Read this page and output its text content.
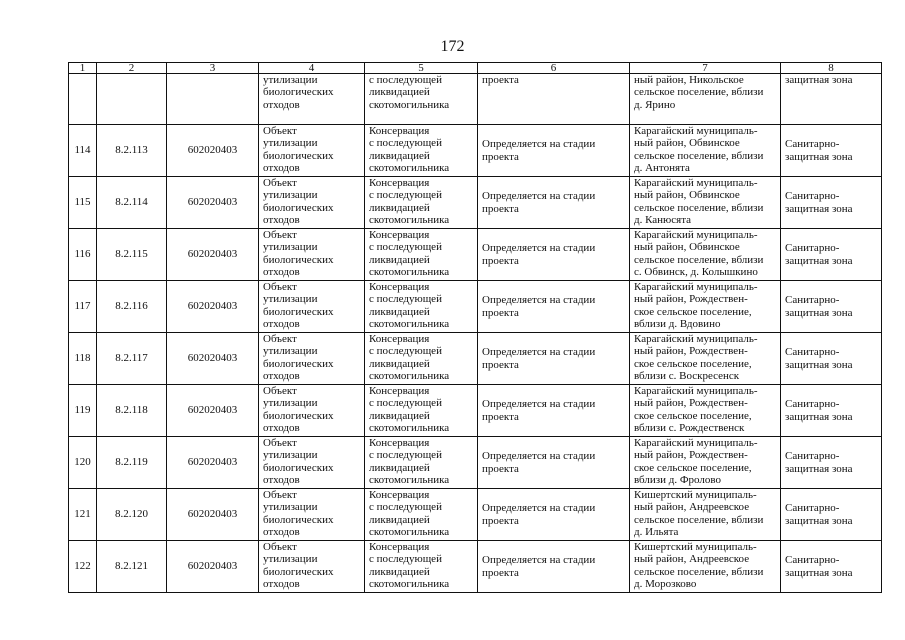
172
1	2	3	4	5	6	7	8

			утилизации
биологических
отходов	с последующей
ликвидацией
скотомогильника	проекта	ный район, Никольское
сельское поселение, вблизи
д. Ярино	защитная зона

114	8.2.113	602020403	Объект
утилизации
биологических
отходов	Консервация
с последующей
ликвидацией
скотомогильника	Определяется на стадии
проекта	Карагайский муниципаль-
ный район, Обвинское
сельское поселение, вблизи
д. Антонята	Санитарно-
защитная зона

115	8.2.114	602020403	Объект
утилизации
биологических
отходов	Консервация
с последующей
ликвидацией
скотомогильника	Определяется на стадии
проекта	Карагайский муниципаль-
ный район, Обвинское
сельское поселение, вблизи
д. Канюсята	Санитарно-
защитная зона

116	8.2.115	602020403	Объект
утилизации
биологических
отходов	Консервация
с последующей
ликвидацией
скотомогильника	Определяется на стадии
проекта	Карагайский муниципаль-
ный район, Обвинское
сельское поселение, вблизи
с. Обвинск, д. Колышкино	Санитарно-
защитная зона

117	8.2.116	602020403	Объект
утилизации
биологических
отходов	Консервация
с последующей
ликвидацией
скотомогильника	Определяется на стадии
проекта	Карагайский муниципаль-
ный район, Рождествен-
ское сельское поселение,
вблизи д. Вдовино	Санитарно-
защитная зона

118	8.2.117	602020403	Объект
утилизации
биологических
отходов	Консервация
с последующей
ликвидацией
скотомогильника	Определяется на стадии
проекта	Карагайский муниципаль-
ный район, Рождествен-
ское сельское поселение,
вблизи с. Воскресенск	Санитарно-
защитная зона

119	8.2.118	602020403	Объект
утилизации
биологических
отходов	Консервация
с последующей
ликвидацией
скотомогильника	Определяется на стадии
проекта	Карагайский муниципаль-
ный район, Рождествен-
ское сельское поселение,
вблизи с. Рождественск	Санитарно-
защитная зона

120	8.2.119	602020403	Объект
утилизации
биологических
отходов	Консервация
с последующей
ликвидацией
скотомогильника	Определяется на стадии
проекта	Карагайский муниципаль-
ный район, Рождествен-
ское сельское поселение,
вблизи д. Фролово	Санитарно-
защитная зона

121	8.2.120	602020403	Объект
утилизации
биологических
отходов	Консервация
с последующей
ликвидацией
скотомогильника	Определяется на стадии
проекта	Кишертский муниципаль-
ный район, Андреевское
сельское поселение, вблизи
д. Ильята	Санитарно-
защитная зона

122	8.2.121	602020403	Объект
утилизации
биологических
отходов	Консервация
с последующей
ликвидацией
скотомогильника	Определяется на стадии
проекта	Кишертский муниципаль-
ный район, Андреевское
сельское поселение, вблизи
д. Морозково	Санитарно-
защитная зона
